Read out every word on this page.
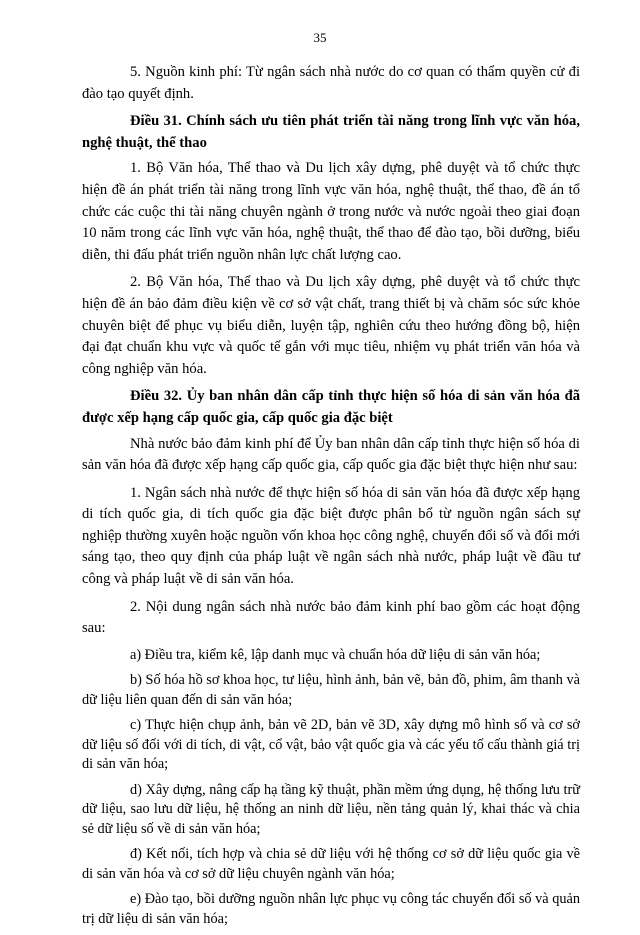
35

5. Nguồn kinh phí: Từ ngân sách nhà nước do cơ quan có thẩm quyền cử đi đào tạo quyết định.

Điều 31. Chính sách ưu tiên phát triển tài năng trong lĩnh vực văn hóa, nghệ thuật, thể thao

1. Bộ Văn hóa, Thể thao và Du lịch xây dựng, phê duyệt và tổ chức thực hiện đề án phát triển tài năng trong lĩnh vực văn hóa, nghệ thuật, thể thao, đề án tổ chức các cuộc thi tài năng chuyên ngành ở trong nước và nước ngoài theo giai đoạn 10 năm trong các lĩnh vực văn hóa, nghệ thuật, thể thao để đào tạo, bồi dưỡng, biểu diễn, thi đấu phát triển nguồn nhân lực chất lượng cao.

2. Bộ Văn hóa, Thể thao và Du lịch xây dựng, phê duyệt và tổ chức thực hiện đề án bảo đảm điều kiện về cơ sở vật chất, trang thiết bị và chăm sóc sức khỏe chuyên biệt để phục vụ biểu diễn, luyện tập, nghiên cứu theo hướng đồng bộ, hiện đại đạt chuẩn khu vực và quốc tế gắn với mục tiêu, nhiệm vụ phát triển văn hóa và công nghiệp văn hóa.

Điều 32. Ủy ban nhân dân cấp tỉnh thực hiện số hóa di sản văn hóa đã được xếp hạng cấp quốc gia, cấp quốc gia đặc biệt

Nhà nước bảo đảm kinh phí để Ủy ban nhân dân cấp tỉnh thực hiện số hóa di sản văn hóa đã được xếp hạng cấp quốc gia, cấp quốc gia đặc biệt thực hiện như sau:

1. Ngân sách nhà nước để thực hiện số hóa di sản văn hóa đã được xếp hạng di tích quốc gia, di tích quốc gia đặc biệt được phân bổ từ nguồn ngân sách sự nghiệp thường xuyên hoặc nguồn vốn khoa học công nghệ, chuyển đổi số và đổi mới sáng tạo, theo quy định của pháp luật về ngân sách nhà nước, pháp luật về đầu tư công và pháp luật về di sản văn hóa.

2. Nội dung ngân sách nhà nước bảo đảm kinh phí bao gồm các hoạt động sau:

a) Điều tra, kiểm kê, lập danh mục và chuẩn hóa dữ liệu di sản văn hóa;

b) Số hóa hồ sơ khoa học, tư liệu, hình ảnh, bản vẽ, bản đồ, phim, âm thanh và dữ liệu liên quan đến di sản văn hóa;

c) Thực hiện chụp ảnh, bản vẽ 2D, bản vẽ 3D, xây dựng mô hình số và cơ sở dữ liệu số đối với di tích, di vật, cổ vật, bảo vật quốc gia và các yếu tố cấu thành giá trị di sản văn hóa;

d) Xây dựng, nâng cấp hạ tầng kỹ thuật, phần mềm ứng dụng, hệ thống lưu trữ dữ liệu, sao lưu dữ liệu, hệ thống an ninh dữ liệu, nền tảng quản lý, khai thác và chia sẻ dữ liệu số về di sản văn hóa;

đ) Kết nối, tích hợp và chia sẻ dữ liệu với hệ thống cơ sở dữ liệu quốc gia về di sản văn hóa và cơ sở dữ liệu chuyên ngành văn hóa;

e) Đào tạo, bồi dưỡng nguồn nhân lực phục vụ công tác chuyển đổi số và quản trị dữ liệu di sản văn hóa;
